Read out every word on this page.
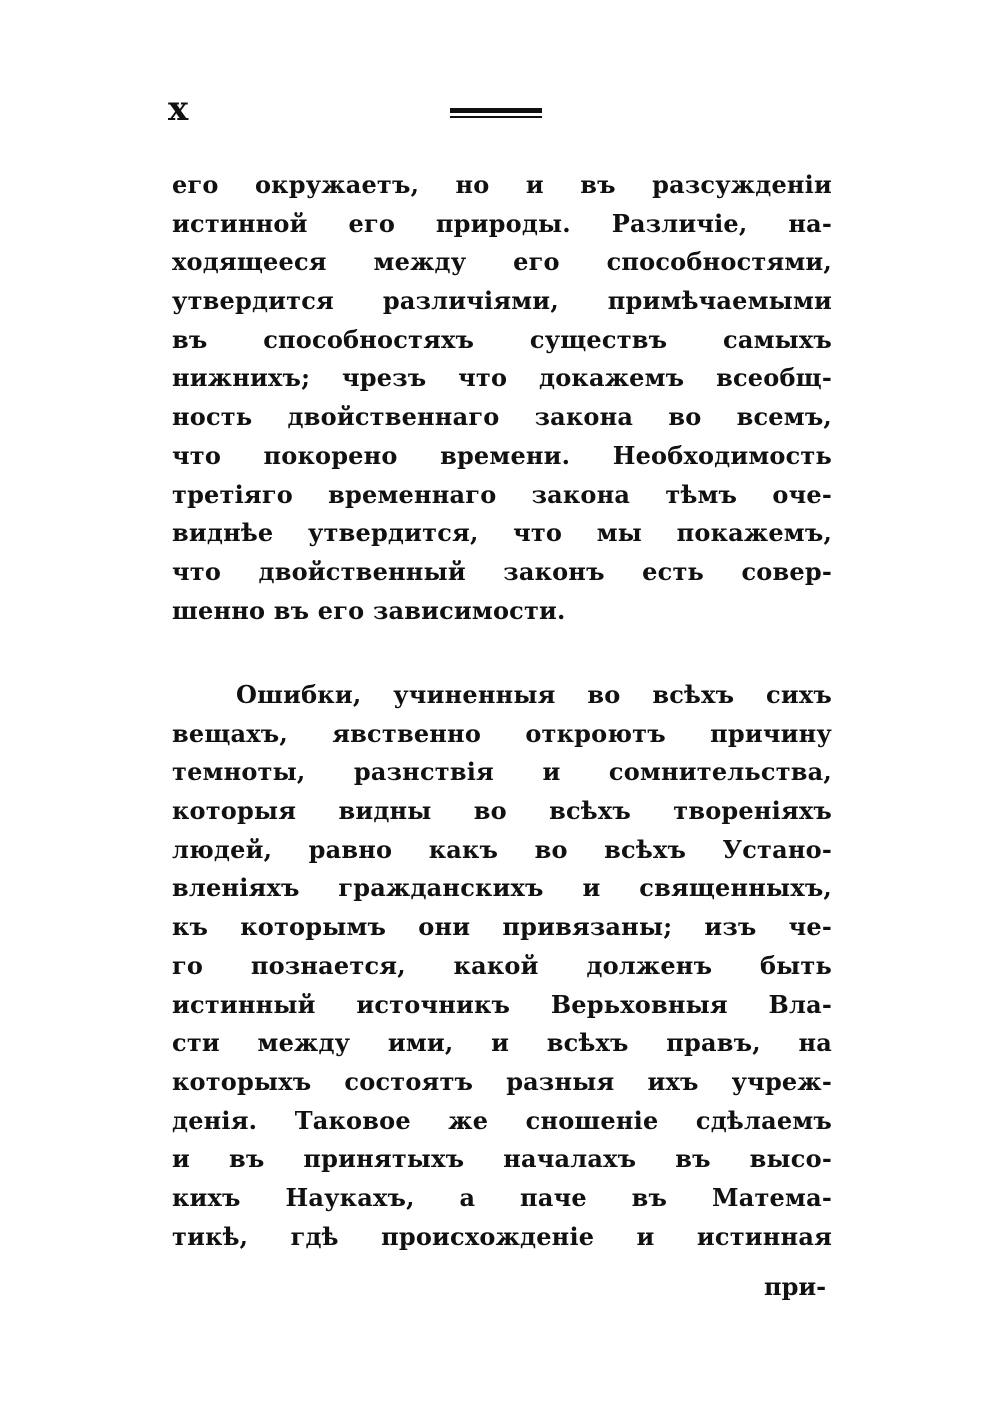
x
его окружаетъ, но и въ разсужденіи
истинной его природы. Различіе, на-
ходящееся между его способностями,
утвердится различіями, примѣчаемыми
въ способностяхъ существъ самыхъ
нижнихъ; чрезъ что докажемъ всеобщ-
ность двойственнаго закона во всемъ,
что покорено времени. Необходимость
третіяго временнаго закона тѣмъ оче-
виднѣе утвердится, что мы покажемъ,
что двойственный законъ есть совер-
шенно въ его зависимости.
Ошибки, учиненныя во всѣхъ сихъ
вещахъ, явственно откроютъ причину
темноты, разнствія и сомнительства,
которыя видны во всѣхъ твореніяхъ
людей, равно какъ во всѣхъ Устано-
вленіяхъ гражданскихъ и священныхъ,
къ которымъ они привязаны; изъ че-
го познается, какой долженъ быть
истинный источникъ Верьховныя Вла-
сти между ими, и всѣхъ правъ, на
которыхъ состоятъ разныя ихъ учреж-
денія. Таковое же сношеніе сдѣлаемъ
и въ принятыхъ началахъ въ высо-
кихъ Наукахъ, а паче въ Матема-
тикѣ, гдѣ происхожденіе и истинная
при-
